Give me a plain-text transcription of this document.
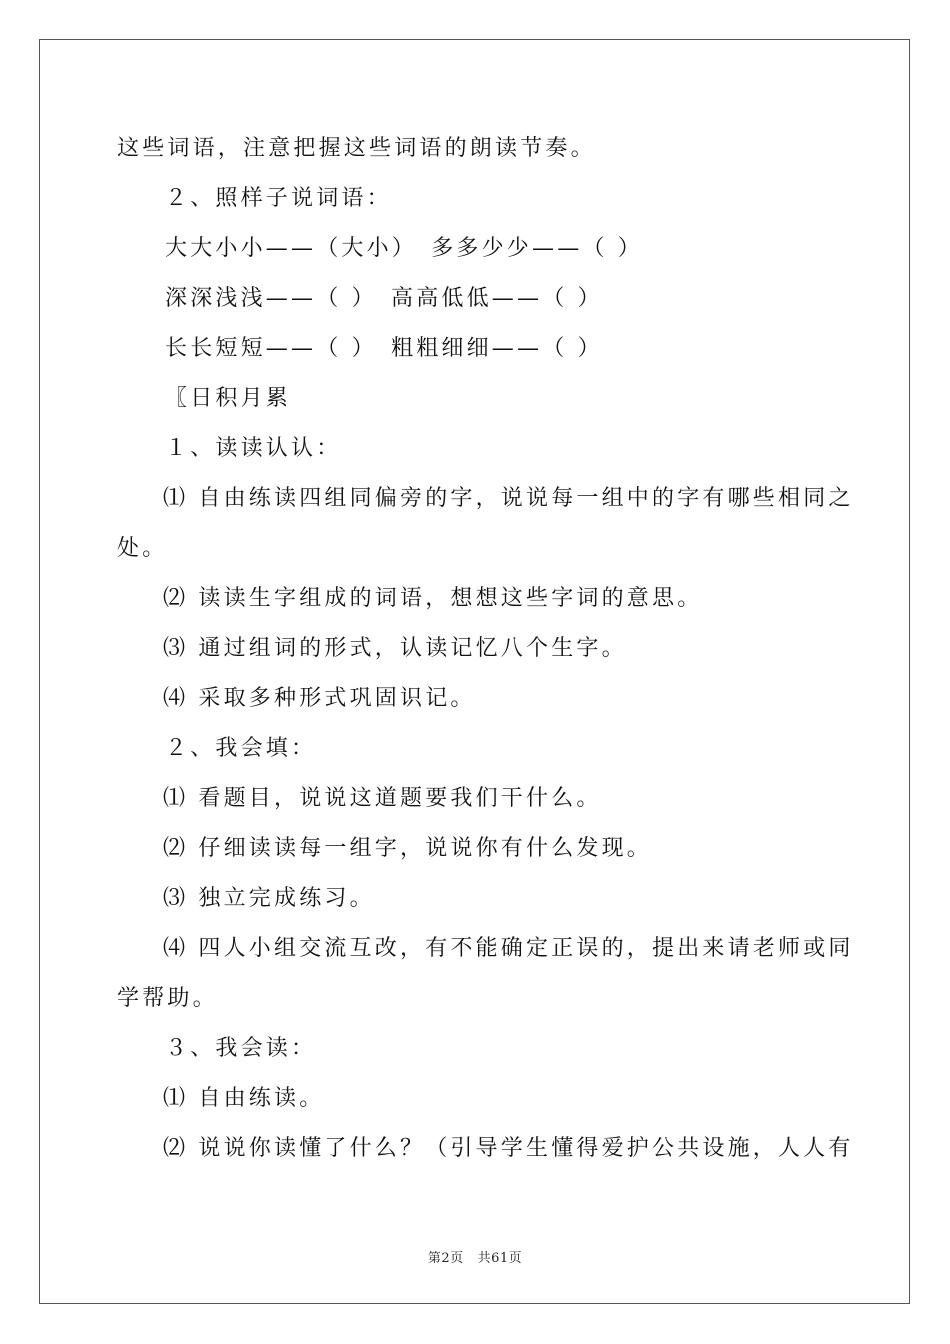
这些词语，注意把握这些词语的朗读节奏。
２、照样子说词语：
大大小小——（大小）　多多少少——（ ）
深深浅浅——（ ）　高高低低——（ ）
长长短短——（ ）　粗粗细细——（ ）
〖日积月累
１、读读认认：
⑴ 自由练读四组同偏旁的字，说说每一组中的字有哪些相同之
处。
⑵ 读读生字组成的词语，想想这些字词的意思。
⑶ 通过组词的形式，认读记忆八个生字。
⑷ 采取多种形式巩固识记。
２、我会填：
⑴ 看题目，说说这道题要我们干什么。
⑵ 仔细读读每一组字，说说你有什么发现。
⑶ 独立完成练习。
⑷ 四人小组交流互改，有不能确定正误的，提出来请老师或同
学帮助。
３、我会读：
⑴ 自由练读。
⑵ 说说你读懂了什么？（引导学生懂得爱护公共设施，人人有
第2页 共61页
